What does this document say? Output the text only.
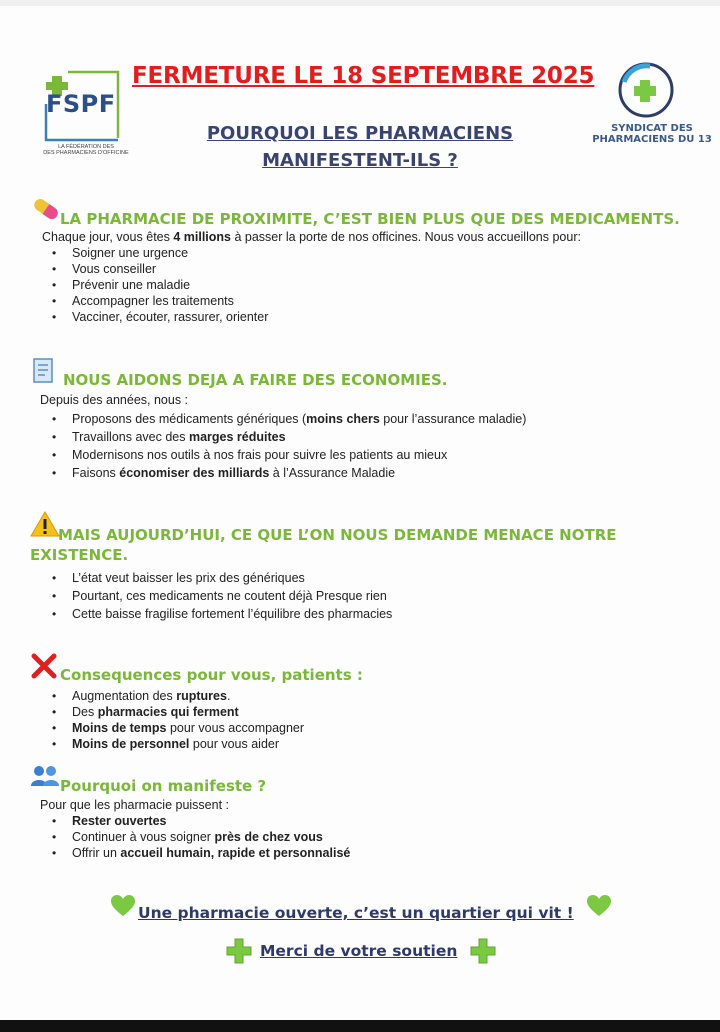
FSPF
LA FÉDÉRATION DES
DES PHARMACIENS D'OFFICINE
FERMETURE LE 18 SEPTEMBRE 2025
POURQUOI LES PHARMACIENS
MANIFESTENT-ILS ?
SYNDICAT DES
PHARMACIENS DU 13
LA PHARMACIE DE PROXIMITE, C’EST BIEN PLUS QUE DES MEDICAMENTS.
Chaque jour, vous êtes 4 millions à passer la porte de nos officines. Nous vous accueillons pour:
• Soigner une urgence
• Vous conseiller
• Prévenir une maladie
• Accompagner les traitements
• Vacciner, écouter, rassurer, orienter
NOUS AIDONS DEJA A FAIRE DES ECONOMIES.
Depuis des années, nous :
• Proposons des médicaments génériques (moins chers pour l’assurance maladie)
• Travaillons avec des marges réduites
• Modernisons nos outils à nos frais pour suivre les patients au mieux
• Faisons économiser des milliards à l’Assurance Maladie
MAIS AUJOURD’HUI, CE QUE L’ON NOUS DEMANDE MENACE NOTRE
EXISTENCE.
• L’état veut baisser les prix des génériques
• Pourtant, ces medicaments ne coutent déjà Presque rien
• Cette baisse fragilise fortement l’équilibre des pharmacies
Consequences pour vous, patients :
• Augmentation des ruptures.
• Des pharmacies qui ferment
• Moins de temps pour vous accompagner
• Moins de personnel pour vous aider
Pourquoi on manifeste ?
Pour que les pharmacie puissent :
• Rester ouvertes
• Continuer à vous soigner près de chez vous
• Offrir un accueil humain, rapide et personnalisé
Une pharmacie ouverte, c’est un quartier qui vit !
Merci de votre soutien
